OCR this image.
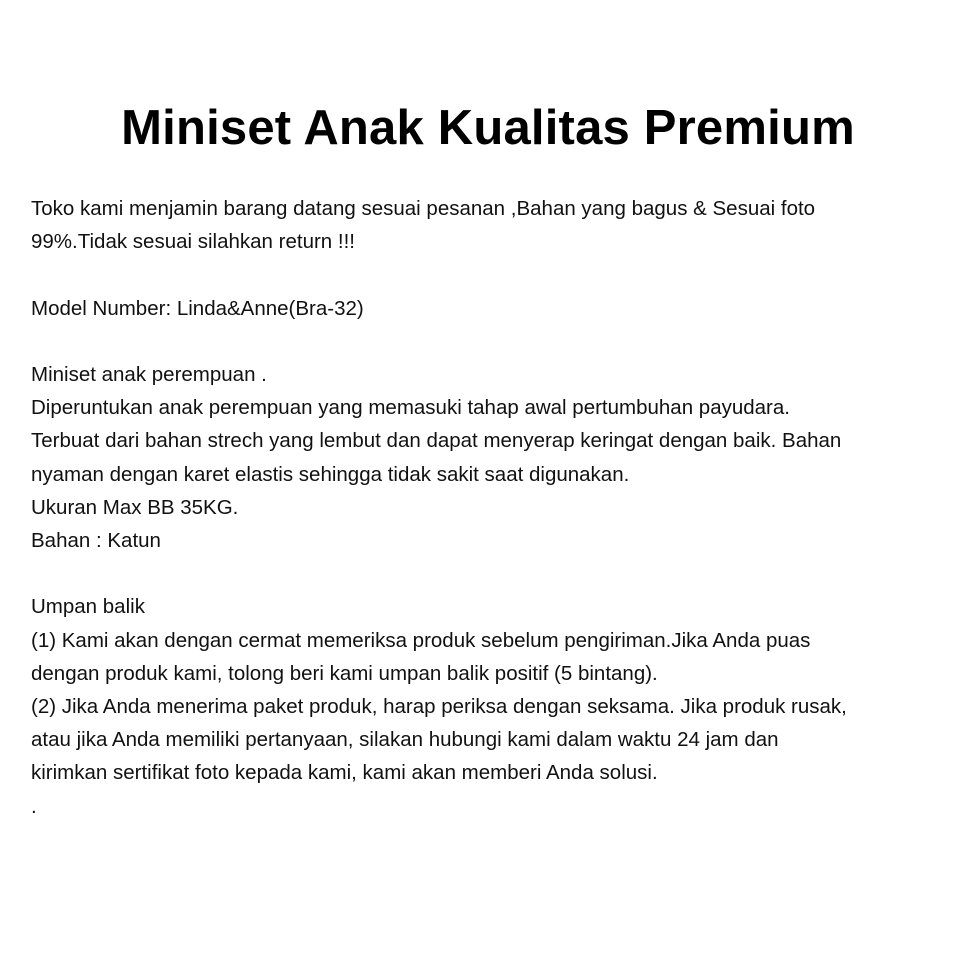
Miniset Anak Kualitas Premium
Toko kami menjamin barang datang sesuai pesanan ,Bahan yang bagus & Sesuai foto
99%.Tidak sesuai silahkan return !!!
Model Number: Linda&Anne(Bra-32)
Miniset anak perempuan .
Diperuntukan anak perempuan yang memasuki tahap awal pertumbuhan payudara.
Terbuat dari bahan strech yang lembut dan dapat menyerap keringat dengan baik. Bahan
nyaman dengan karet elastis sehingga tidak sakit saat digunakan.
Ukuran Max BB 35KG.
Bahan : Katun
Umpan balik
(1) Kami akan dengan cermat memeriksa produk sebelum pengiriman.Jika Anda puas
dengan produk kami, tolong beri kami umpan balik positif (5 bintang).
(2) Jika Anda menerima paket produk, harap periksa dengan seksama. Jika produk rusak,
atau jika Anda memiliki pertanyaan, silakan hubungi kami dalam waktu 24 jam dan
kirimkan sertifikat foto kepada kami, kami akan memberi Anda solusi.
.
